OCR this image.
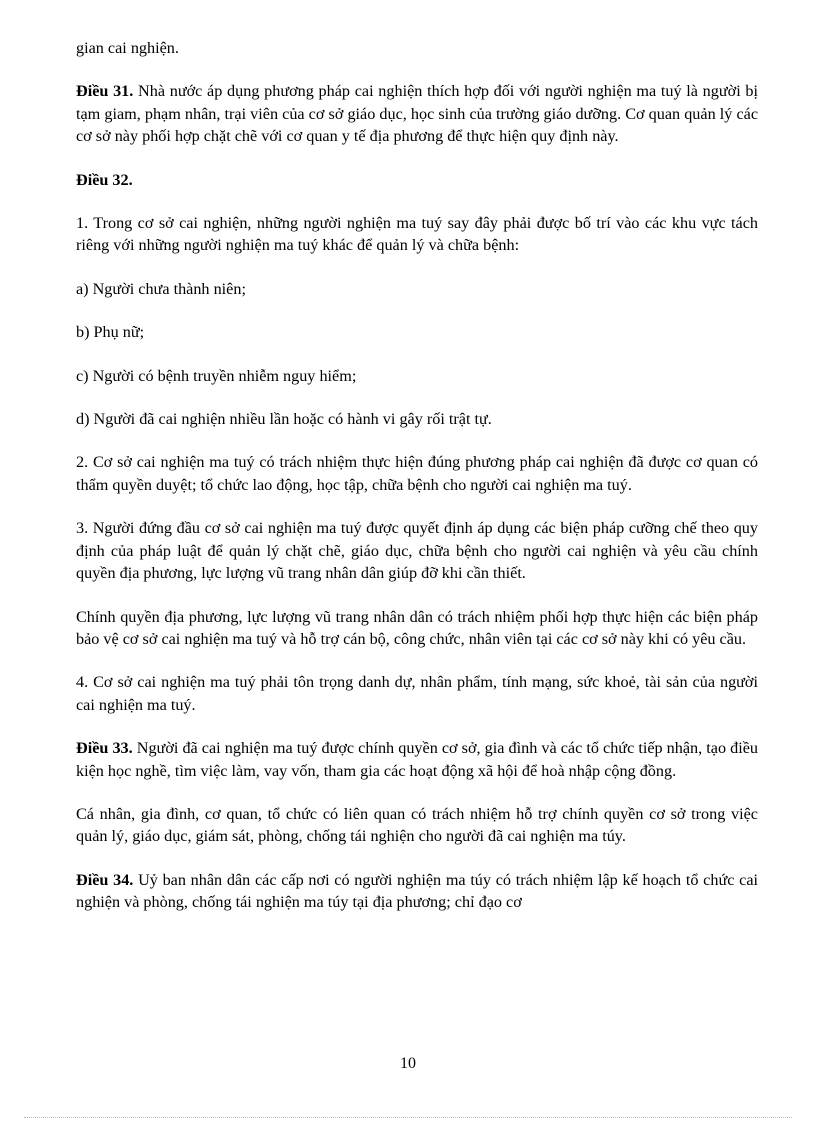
gian cai nghiện.

Điều 31. Nhà nước áp dụng phương pháp cai nghiện thích hợp đối với người nghiện ma tuý là người bị tạm giam, phạm nhân, trại viên của cơ sở giáo dục, học sinh của trường giáo dưỡng. Cơ quan quản lý các cơ sở này phối hợp chặt chẽ với cơ quan y tế địa phương để thực hiện quy định này.

Điều 32.

1. Trong cơ sở cai nghiện, những người nghiện ma tuý say đây phải được bố trí vào các khu vực tách riêng với những người nghiện ma tuý khác để quản lý và chữa bệnh:

a) Người chưa thành niên;

b) Phụ nữ;

c) Người có bệnh truyền nhiễm nguy hiểm;

d) Người đã cai nghiện nhiều lần hoặc có hành vi gây rối trật tự.

2. Cơ sở cai nghiện ma tuý có trách nhiệm thực hiện đúng phương pháp cai nghiện đã được cơ quan có thẩm quyền duyệt; tổ chức lao động, học tập, chữa bệnh cho người cai nghiện ma tuý.

3. Người đứng đầu cơ sở cai nghiện ma tuý được quyết định áp dụng các biện pháp cưỡng chế theo quy định của pháp luật để quản lý chặt chẽ, giáo dục, chữa bệnh cho người cai nghiện và yêu cầu chính quyền địa phương, lực lượng vũ trang nhân dân giúp đỡ khi cần thiết.

Chính quyền địa phương, lực lượng vũ trang nhân dân có trách nhiệm phối hợp thực hiện các biện pháp bảo vệ cơ sở cai nghiện ma tuý và hỗ trợ cán bộ, công chức, nhân viên tại các cơ sở này khi có yêu cầu.

4. Cơ sở cai nghiện ma tuý phải tôn trọng danh dự, nhân phẩm, tính mạng, sức khoẻ, tài sản của người cai nghiện ma tuý.

Điều 33. Người đã cai nghiện ma tuý được chính quyền cơ sở, gia đình và các tổ chức tiếp nhận, tạo điều kiện học nghề, tìm việc làm, vay vốn, tham gia các hoạt động xã hội để hoà nhập cộng đồng.

Cá nhân, gia đình, cơ quan, tổ chức có liên quan có trách nhiệm hỗ trợ chính quyền cơ sở trong việc quản lý, giáo dục, giám sát, phòng, chống tái nghiện cho người đã cai nghiện ma túy.

Điều 34. Uỷ ban nhân dân các cấp nơi có người nghiện ma túy có trách nhiệm lập kế hoạch tổ chức cai nghiện và phòng, chống tái nghiện ma túy tại địa phương; chỉ đạo cơ

10
